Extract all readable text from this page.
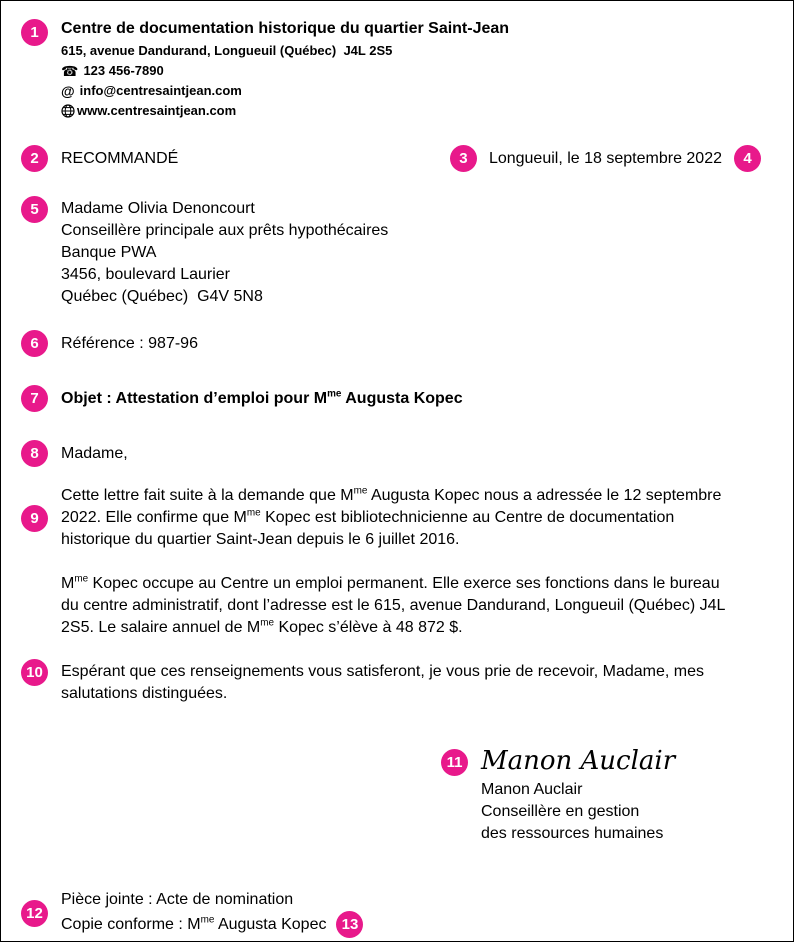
1	Centre de documentation historique du quartier Saint-Jean
615, avenue Dandurand, Longueuil (Québec)  J4L 2S5
☎ 123 456-7890
@ info@centresaintjean.com
www.centresaintjean.com
2	RECOMMANDÉ	3	Longueuil, le 18 septembre 2022	4
5	Madame Olivia Denoncourt
Conseillère principale aux prêts hypothécaires
Banque PWA
3456, boulevard Laurier
Québec (Québec)  G4V 5N8
6	Référence : 987-96
7	Objet : Attestation d’emploi pour $M^{me}$ Augusta Kopec
8	Madame,
9

Cette lettre fait suite à la demande que $M^{me}$ Augusta Kopec nous a adressée le 12 septembre 2022. Elle confirme que $M^{me}$ Kopec est bibliotechnicienne au Centre de documentation historique du quartier Saint-Jean depuis le 6 juillet 2016.

$M^{me}$ Kopec occupe au Centre un emploi permanent. Elle exerce ses fonctions dans le bureau du centre administratif, dont l’adresse est le 615, avenue Dandurand, Longueuil (Québec) J4L 2S5. Le salaire annuel de $M^{me}$ Kopec s’élève à 48 872 $.

10	Espérant que ces renseignements vous satisferont, je vous prie de recevoir, Madame, mes salutations distinguées.

11 Manon Auclair
Manon Auclair
Conseillère en gestion
des ressources humaines
12
Pièce jointe : Acte de nomination
Copie conforme : $M^{me}$ Augusta Kopec	13
